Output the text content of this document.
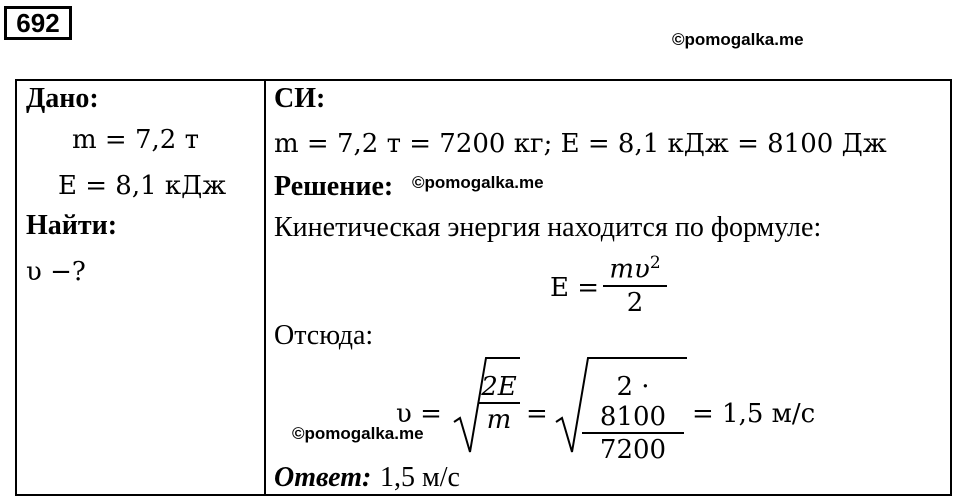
692
©pomogalka.me
Дано:
m = 7,2 т
E = 8,1 кДж
Найти:
υ −?
СИ:
m = 7,2 т = 7200 кг; E = 8,1 кДж = 8100 Дж
Решение: ©pomogalka.me
Кинетическая энергия находится по формуле:
E =
$m\upsilon^2$
2
Отсюда:
υ =
2E
m =
2 · 8100
7200
= 1,5 м/с
©pomogalka.me
Ответ: 1,5 м/с
